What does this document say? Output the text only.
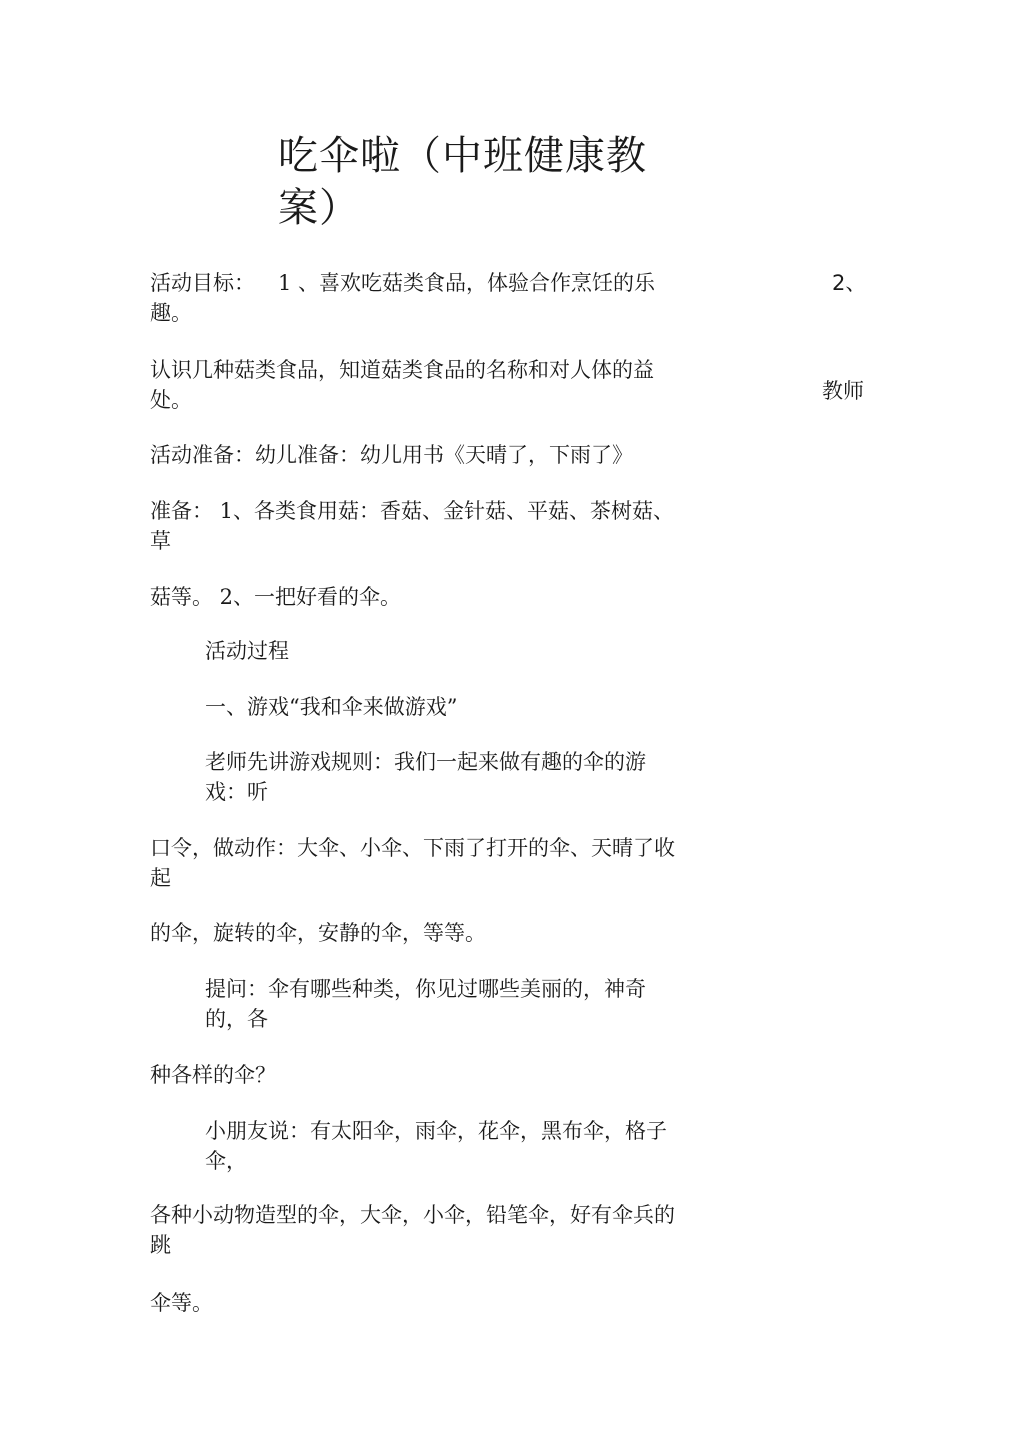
吃伞啦（中班健康教
案）

活动目标： 1 、喜欢吃菇类食品，体验合作烹饪的乐	2、

趣。

认识几种菇类食品，知道菇类食品的名称和对人体的益
处。	教师

活动准备：幼儿准备：幼儿用书《天晴了，下雨了》

准备： 1、各类食用菇：香菇、金针菇、平菇、茶树菇、
草

菇等。 2、一把好看的伞。

活动过程

一、游戏“我和伞来做游戏”

老师先讲游戏规则：我们一起来做有趣的伞的游
戏：听
口令，做动作：大伞、小伞、下雨了打开的伞、天晴了收
起

的伞，旋转的伞，安静的伞，等等。

提问：伞有哪些种类，你见过哪些美丽的，神奇
的，各

种各样的伞？

小朋友说：有太阳伞，雨伞，花伞，黑布伞，格子
伞，
各种小动物造型的伞，大伞，小伞，铅笔伞，好有伞兵的
跳

伞等。
